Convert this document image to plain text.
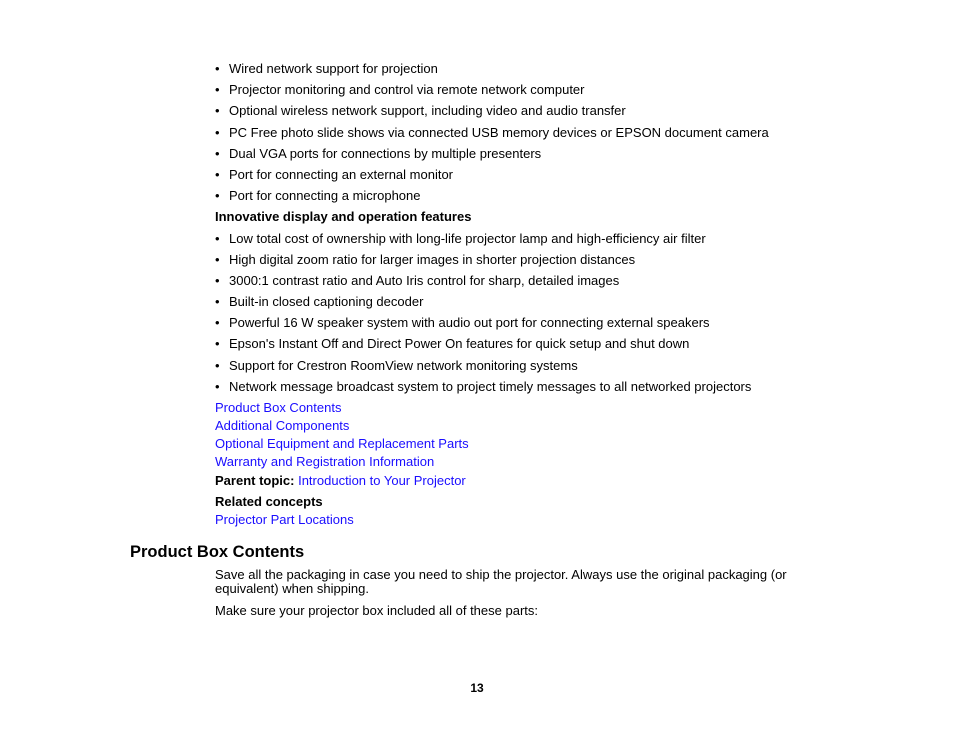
• Wired network support for projection
• Projector monitoring and control via remote network computer
• Optional wireless network support, including video and audio transfer
• PC Free photo slide shows via connected USB memory devices or EPSON document camera
• Dual VGA ports for connections by multiple presenters
• Port for connecting an external monitor
• Port for connecting a microphone
Innovative display and operation features
• Low total cost of ownership with long-life projector lamp and high-efficiency air filter
• High digital zoom ratio for larger images in shorter projection distances
• 3000:1 contrast ratio and Auto Iris control for sharp, detailed images
• Built-in closed captioning decoder
• Powerful 16 W speaker system with audio out port for connecting external speakers
• Epson's Instant Off and Direct Power On features for quick setup and shut down
• Support for Crestron RoomView network monitoring systems
• Network message broadcast system to project timely messages to all networked projectors
Product Box Contents
Additional Components
Optional Equipment and Replacement Parts
Warranty and Registration Information
Parent topic: Introduction to Your Projector
Related concepts
Projector Part Locations
Product Box Contents

Save all the packaging in case you need to ship the projector. Always use the original packaging (or equivalent) when shipping.

Make sure your projector box included all of these parts:

13
